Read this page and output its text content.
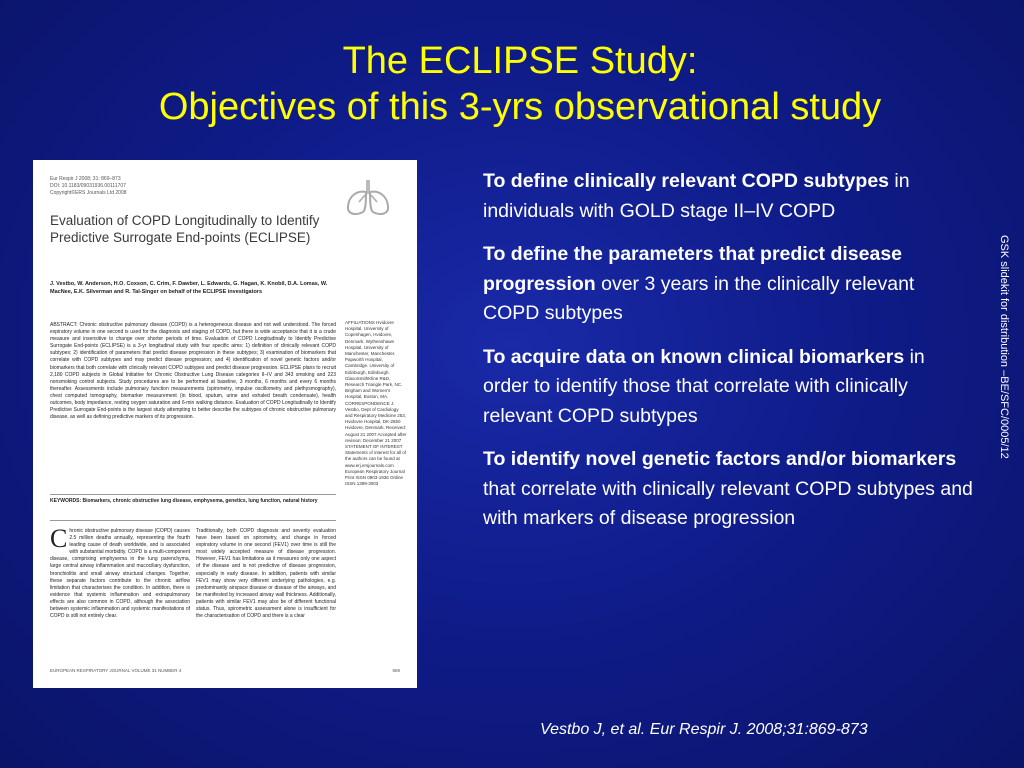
The ECLIPSE Study:
Objectives of this 3-yrs observational study
Eur Respir J 2008; 31: 869–873
DOI: 10.1183/09031936.00111707
Copyright©ERS Journals Ltd 2008
Evaluation of COPD Longitudinally to Identify Predictive Surrogate End-points (ECLIPSE)
J. Vestbo, W. Anderson, H.O. Coxson, C. Crim, F. Dawber, L. Edwards, G. Hagan, K. Knobil, D.A. Lomas, W. MacNee, E.K. Silverman and R. Tal-Singer on behalf of the ECLIPSE investigators
ABSTRACT: Chronic obstructive pulmonary disease (COPD) is a heterogeneous disease and not well understood. The forced expiratory volume in one second is used for the diagnosis and staging of COPD, but there is wide acceptance that it is a crude measure and insensitive to change over shorter periods of time. Evaluation of COPD Longitudinally to Identify Predictive Surrogate End-points (ECLIPSE) is a 3-yr longitudinal study with four specific aims: 1) definition of clinically relevant COPD subtypes; 2) identification of parameters that predict disease progression in these subtypes; 3) examination of biomarkers that correlate with COPD subtypes and may predict disease progression; and 4) identification of novel genetic factors and/or biomarkers that both correlate with clinically relevant COPD subtypes and predict disease progression. ECLIPSE plans to recruit 2,180 COPD subjects in Global Initiative for Chronic Obstructive Lung Disease categories II–IV and 343 smoking and 223 nonsmoking control subjects. Study procedures are to be performed at baseline, 3 months, 6 months and every 6 months thereafter. Assessments include pulmonary function measurements (spirometry, impulse oscillometry and plethysmography), chest computed tomography, biomarker measurement (in blood, sputum, urine and exhaled breath condensate), health outcomes, body impedance, resting oxygen saturation and 6-min walking distance. Evaluation of COPD Longitudinally to Identify Predictive Surrogate End-points is the largest study attempting to better describe the subtypes of chronic obstructive pulmonary disease, as well as defining predictive markers of its progression.
KEYWORDS: Biomarkers, chronic obstructive lung disease, emphysema, genetics, lung function, natural history
AFFILIATIONS Hvidovre Hospital, University of Copenhagen, Hvidovre, Denmark. Wythenshawe Hospital, University of Manchester, Manchester. Papworth Hospital, Cambridge. University of Edinburgh, Edinburgh. GlaxoSmithKline R&D, Research Triangle Park, NC. Brigham and Women's Hospital, Boston, MA. CORRESPONDENCE J. Vestbo, Dept of Cardiology and Respiratory Medicine 253, Hvidovre Hospital, DK-2650 Hvidovre, Denmark. Received: August 21 2007 Accepted after revision: December 21 2007 STATEMENT OF INTEREST Statements of interest for all of the authors can be found at www.erj.ersjournals.com European Respiratory Journal Print ISSN 0903-1936 Online ISSN 1399-3003
Chronic obstructive pulmonary disease (COPD) causes 2.5 million deaths annually, representing the fourth leading cause of death worldwide, and is associated with substantial morbidity. COPD is a multi-component disease, comprising emphysema in the lung parenchyma, large central airway inflammation and mucociliary dysfunction, bronchiolitis and small airway structural changes. Together, these separate factors contribute to the chronic airflow limitation that characterises the condition. In addition, there is evidence that systemic inflammation and extrapulmonary effects are also common in COPD, although the association between systemic inflammation and systemic manifestations of COPD is still not entirely clear.
Traditionally, both COPD diagnosis and severity evaluation have been based on spirometry, and change in forced expiratory volume in one second (FEV1) over time is still the most widely accepted measure of disease progression. However, FEV1 has limitations as it measures only one aspect of the disease and is not predictive of disease progression, especially in early disease. In addition, patients with similar FEV1 may show very different underlying pathologies, e.g. predominantly airspace disease or disease of the airways, and be manifested by increased airway wall thickness. Additionally, patients with similar FEV1 may also be of different functional status. Thus, spirometric assessment alone is insufficient for the characterisation of COPD and there is a clear
EUROPEAN RESPIRATORY JOURNAL VOLUME 31 NUMBER 4	869
To define clinically relevant COPD subtypes in individuals with GOLD stage II–IV COPD
To define the parameters that predict disease progression over 3 years in the clinically relevant COPD subtypes
To acquire data on known clinical biomarkers in order to identify those that correlate with clinically relevant COPD subtypes
To identify novel genetic factors and/or biomarkers that correlate with clinically relevant COPD subtypes and with markers of disease progression
Vestbo J, et al. Eur Respir J. 2008;31:869-873
GSK slidekit for distribution –BE/SFC/0005/12
